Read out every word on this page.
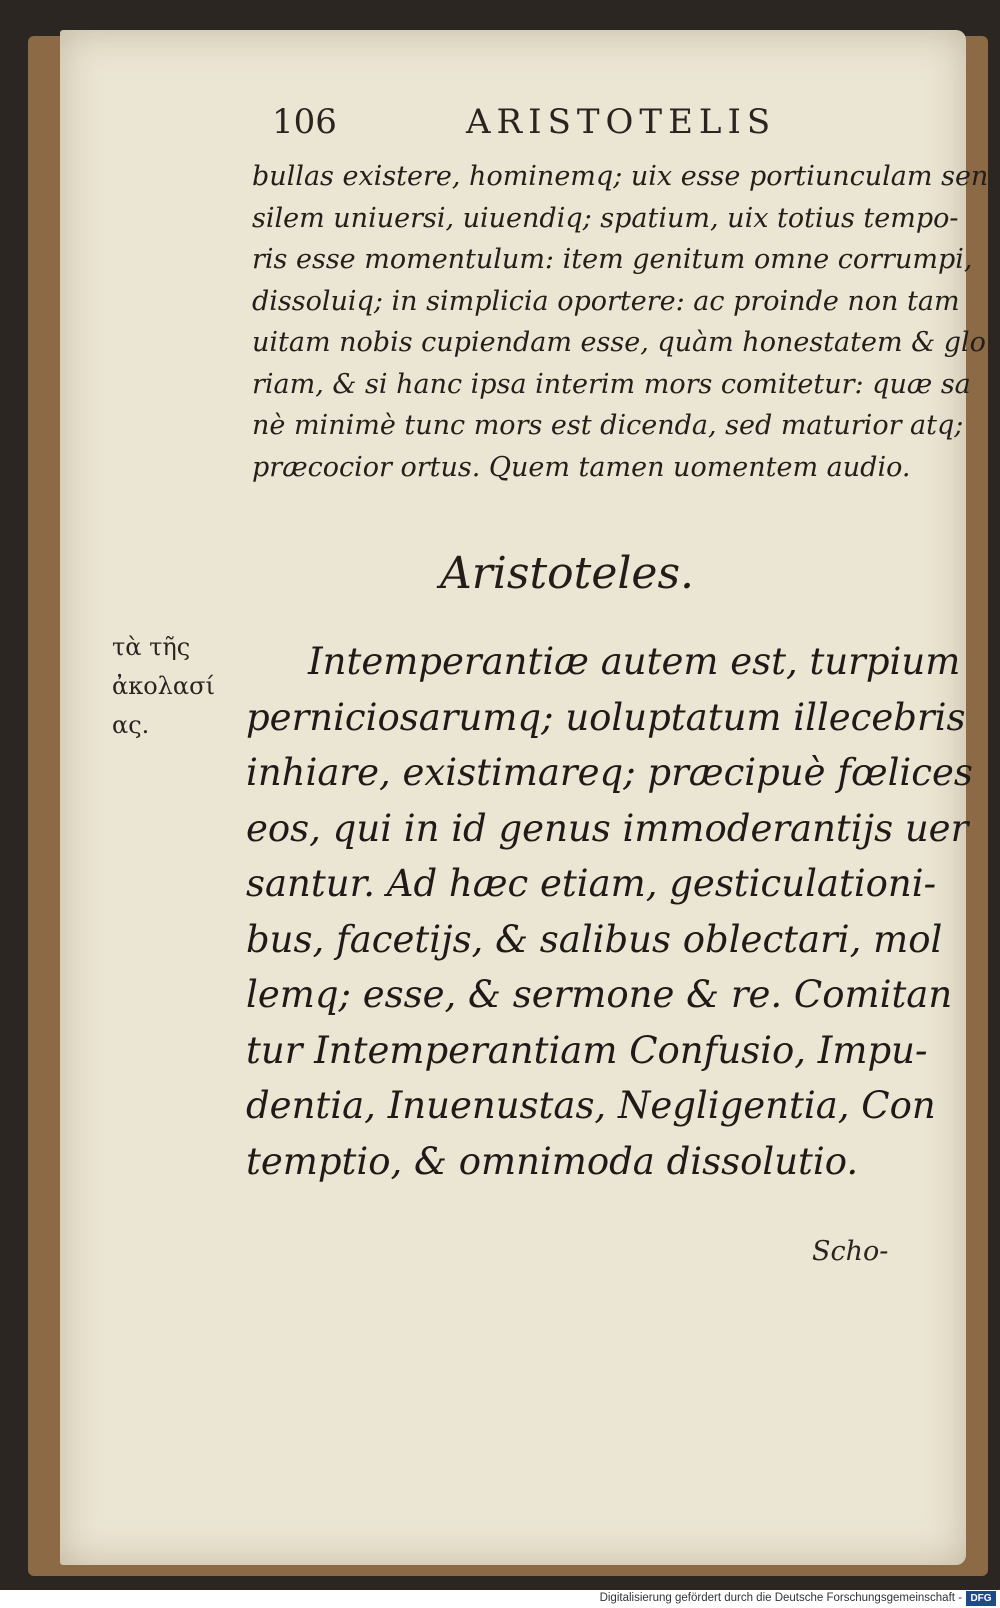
106	ARISTOTELIS
bullas existere, hominemq; uix esse portiunculam sen
silem uniuersi, uiuendiq; spatium, uix totius tempo-
ris esse momentulum: item genitum omne corrumpi,
dissoluiq; in simplicia oportere: ac proinde non tam
uitam nobis cupiendam esse, quàm honestatem & glo
riam, & si hanc ipsa interim mors comitetur: quæ sa
nè minimè tunc mors est dicenda, sed maturior atq;
præcocior ortus. Quem tamen uomentem audio.
Aristoteles.
τὰ τῆς
ἀκολασί
ας.
Intemperantiæ autem est, turpium
perniciosarumq; uoluptatum illecebris
inhiare, existimareq; præcipuè fœlices
eos, qui in id genus immoderantijs uer
santur. Ad hæc etiam, gesticulationi-
bus, facetijs, & salibus oblectari, mol
lemq; esse, & sermone & re. Comitan
tur Intemperantiam Confusio, Impu-
dentia, Inuenustas, Negligentia, Con
temptio, & omnimoda dissolutio.
Scho-
Digitalisierung gefördert durch die Deutsche Forschungsgemeinschaft - DFG
